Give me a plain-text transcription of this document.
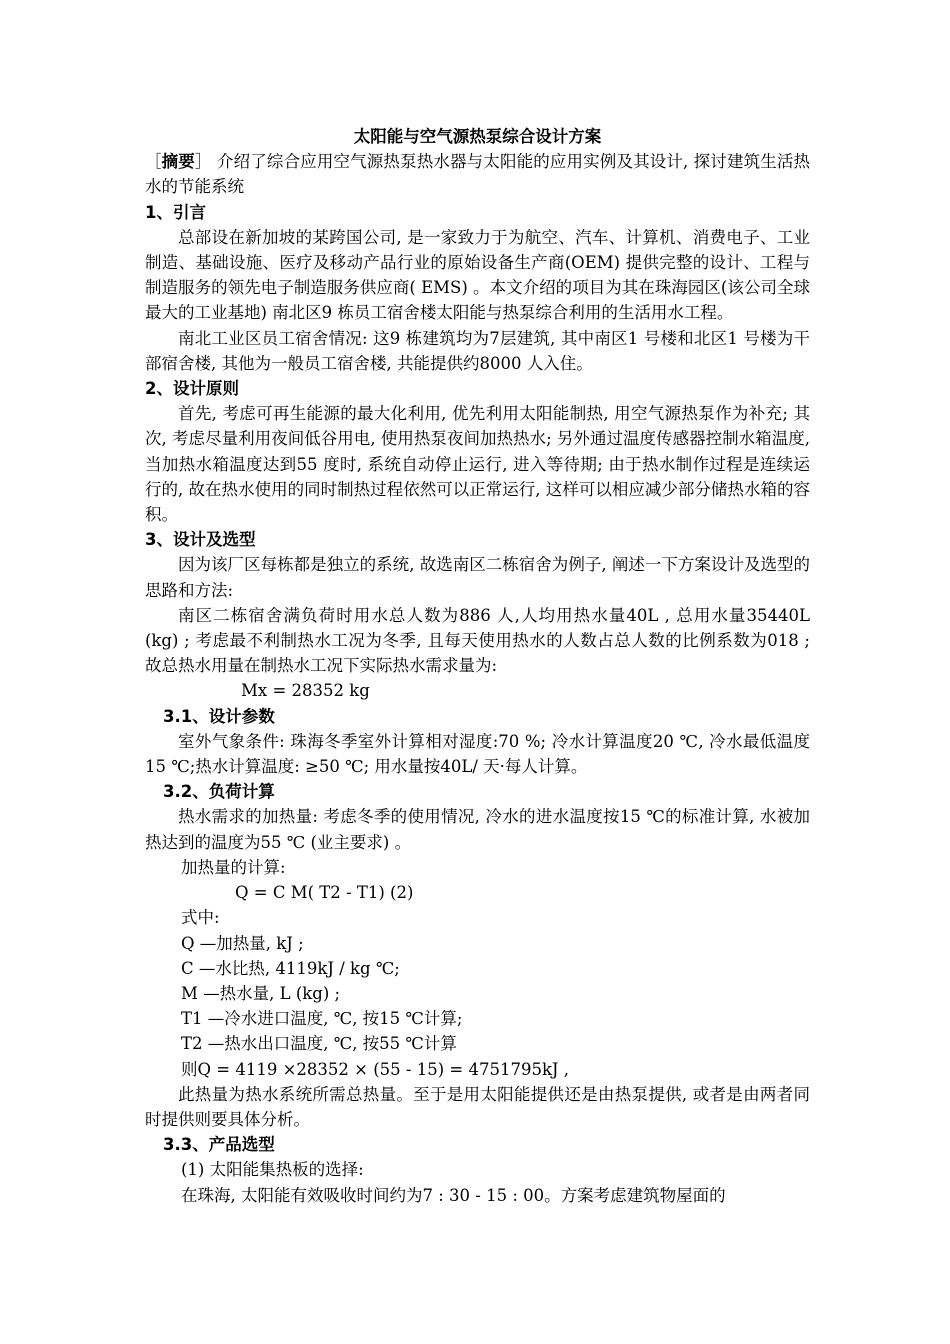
太阳能与空气源热泵综合设计方案

［摘要］ 介绍了综合应用空气源热泵热水器与太阳能的应用实例及其设计, 探讨建筑生活热水的节能系统

1、引言

总部设在新加坡的某跨国公司, 是一家致力于为航空、汽车、计算机、消费电子、工业制造、基础设施、医疗及移动产品行业的原始设备生产商(OEM) 提供完整的设计、工程与制造服务的领先电子制造服务供应商( EMS) 。本文介绍的项目为其在珠海园区(该公司全球最大的工业基地) 南北区9 栋员工宿舍楼太阳能与热泵综合利用的生活用水工程。

南北工业区员工宿舍情况: 这9 栋建筑均为7层建筑, 其中南区1 号楼和北区1 号楼为干部宿舍楼, 其他为一般员工宿舍楼, 共能提供约8000 人入住。

2、设计原则

首先, 考虑可再生能源的最大化利用, 优先利用太阳能制热, 用空气源热泵作为补充; 其次, 考虑尽量利用夜间低谷用电, 使用热泵夜间加热热水; 另外通过温度传感器控制水箱温度, 当加热水箱温度达到55 度时, 系统自动停止运行, 进入等待期; 由于热水制作过程是连续运行的, 故在热水使用的同时制热过程依然可以正常运行, 这样可以相应减少部分储热水箱的容积。

3、设计及选型

因为该厂区每栋都是独立的系统, 故选南区二栋宿舍为例子, 阐述一下方案设计及选型的思路和方法:

南区二栋宿舍满负荷时用水总人数为886 人,人均用热水量40L , 总用水量35440L (kg) ; 考虑最不利制热水工况为冬季, 且每天使用热水的人数占总人数的比例系数为018 ; 故总热水用量在制热水工况下实际热水需求量为:

Mx = 28352 kg

3.1、设计参数

室外气象条件: 珠海冬季室外计算相对湿度:70 %; 冷水计算温度20 ℃, 冷水最低温度15 ℃;热水计算温度: ≥50 ℃; 用水量按40L/ 天·每人计算。

3.2、负荷计算

热水需求的加热量: 考虑冬季的使用情况, 冷水的进水温度按15 ℃的标准计算, 水被加热达到的温度为55 ℃ (业主要求) 。

加热量的计算:

Q = C M( T2 - T1) (2)

式中:

Q —加热量, kJ ;

C —水比热, 4119kJ / kg ℃;

M —热水量, L (kg) ;

T1 —冷水进口温度, ℃, 按15 ℃计算;

T2 —热水出口温度, ℃, 按55 ℃计算

则Q = 4119 ×28352 × (55 - 15) = 4751795kJ ,

此热量为热水系统所需总热量。至于是用太阳能提供还是由热泵提供, 或者是由两者同时提供则要具体分析。

3.3、产品选型

(1) 太阳能集热板的选择:

在珠海, 太阳能有效吸收时间约为7 : 30 - 15 : 00。方案考虑建筑物屋面的
